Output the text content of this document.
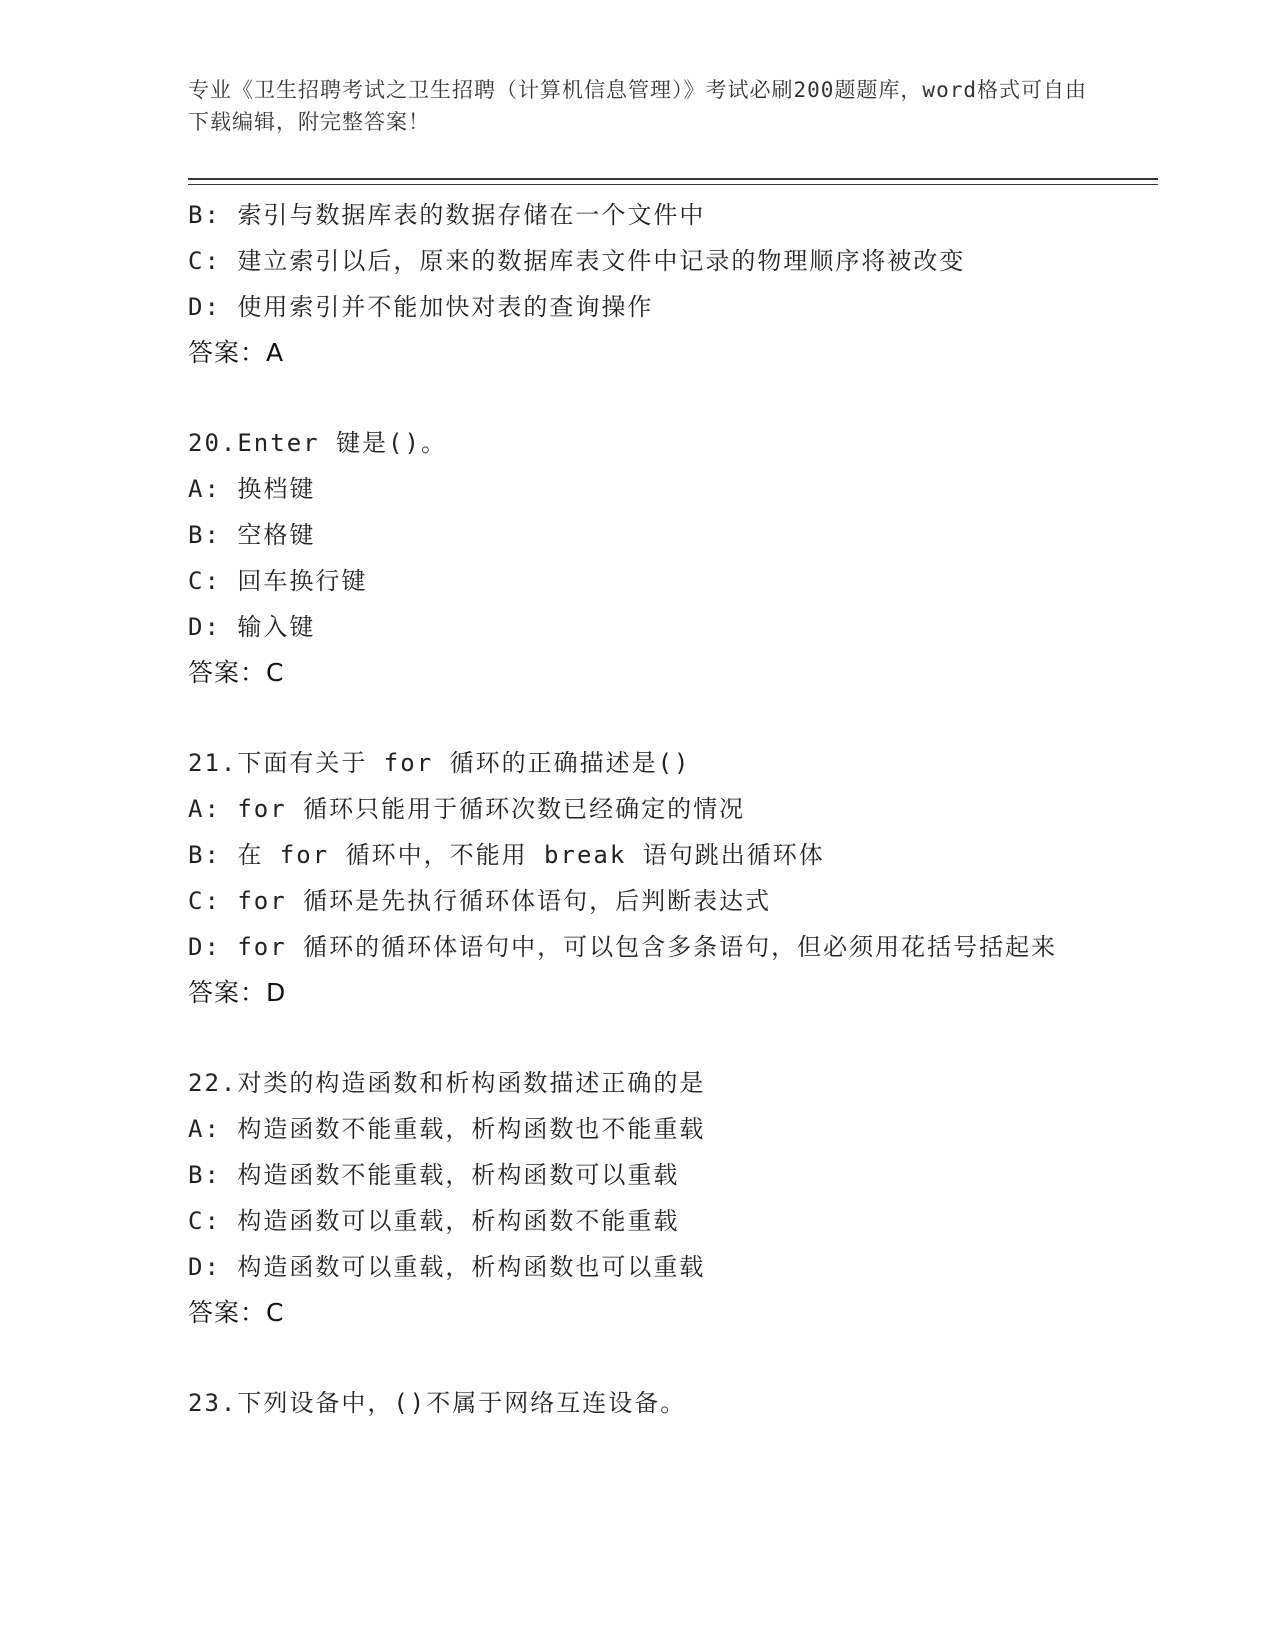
专业《卫生招聘考试之卫生招聘（计算机信息管理）》考试必刷200题题库，word格式可自由下载编辑，附完整答案！
B: 索引与数据库表的数据存储在一个文件中
C: 建立索引以后，原来的数据库表文件中记录的物理顺序将被改变
D: 使用索引并不能加快对表的查询操作
答案：A
20.Enter 键是()。
A: 换档键
B: 空格键
C: 回车换行键
D: 输入键
答案：C
21.下面有关于 for 循环的正确描述是()
A: for 循环只能用于循环次数已经确定的情况
B: 在 for 循环中，不能用 break 语句跳出循环体
C: for 循环是先执行循环体语句，后判断表达式
D: for 循环的循环体语句中，可以包含多条语句，但必须用花括号括起来
答案：D
22.对类的构造函数和析构函数描述正确的是
A: 构造函数不能重载，析构函数也不能重载
B: 构造函数不能重载，析构函数可以重载
C: 构造函数可以重载，析构函数不能重载
D: 构造函数可以重载，析构函数也可以重载
答案：C
23.下列设备中，()不属于网络互连设备。
